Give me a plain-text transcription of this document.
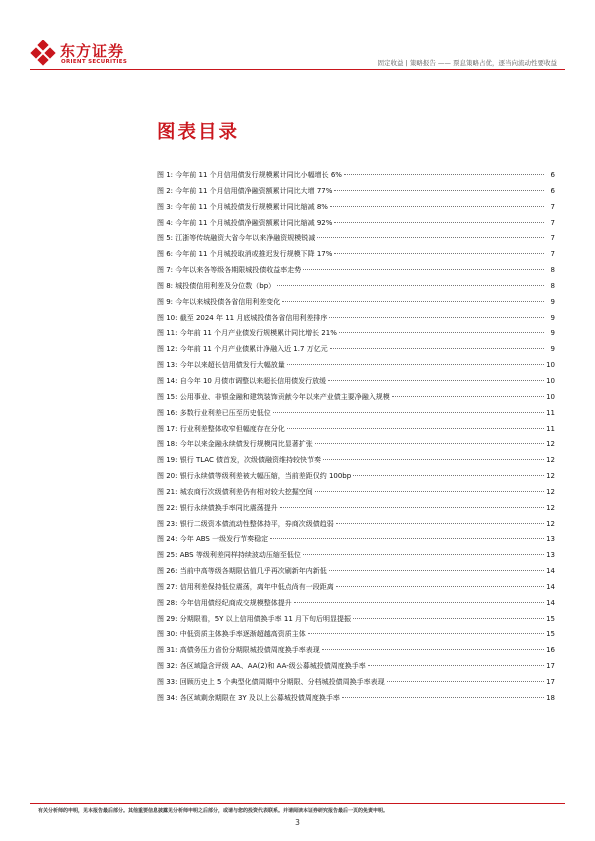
东方证券
ORIENT SECURITIES	固定收益 | 策略报告 —— 票息策略占优，逐当向流动性要收益
图表目录
图 1: 今年前 11 个月信用债发行规模累计同比小幅增长 6%	6
图 2: 今年前 11 个月信用债净融资额累计同比大增 77%	6
图 3: 今年前 11 个月城投债发行规模累计同比缩减 8%	7
图 4: 今年前 11 个月城投债净融资额累计同比缩减 92%	7
图 5: 江浙等传统融资大省今年以来净融资规模锐减	7
图 6: 今年前 11 个月城投取消或推迟发行规模下降 17%	7
图 7: 今年以来各等级各期限城投债收益率走势	8
图 8: 城投债信用利差及分位数（bp）	8
图 9: 今年以来城投债各省信用利差变化	9
图 10: 截至 2024 年 11 月底城投债各省信用利差排序	9
图 11: 今年前 11 个月产业债发行规模累计同比增长 21%	9
图 12: 今年前 11 个月产业债累计净融入近 1.7 万亿元	9
图 13: 今年以来超长信用债发行大幅放量	10
图 14: 自今年 10 月债市调整以来超长信用债发行放缓	10
图 15: 公用事业、非银金融和建筑装饰贡献今年以来产业债主要净融入规模	10
图 16: 多数行业利差已压至历史低位	11
图 17: 行业利差整体收窄但幅度存在分化	11
图 18: 今年以来金融永续债发行规模同比显著扩张	12
图 19: 银行 TLAC 债首发，次级债融资维持较快节奏	12
图 20: 银行永续债等级利差被大幅压缩，当前差距仅约 100bp	12
图 21: 城农商行次级债利差仍有相对较大挖掘空间	12
图 22: 银行永续债换手率同比震荡提升	12
图 23: 银行二级资本债流动性整体持平，券商次级债趋弱	12
图 24: 今年 ABS 一级发行节奏稳定	13
图 25: ABS 等级利差同样持续波动压缩至低位	13
图 26: 当前中高等级各期限估值几乎再次刷新年内新低	14
图 27: 信用利差保持低位震荡，离年中低点尚有一段距离	14
图 28: 今年信用债经纪商成交规模整体提升	14
图 29: 分期限看，5Y 以上信用债换手率 11 月下旬后明显提振	15
图 30: 中低资质主体换手率逐渐超越高资质主体	15
图 31: 高债务压力省份分期限城投债周度换手率表现	16
图 32: 各区域隐含评级 AA、AA(2)和 AA-级公募城投债周度换手率	17
图 33: 回顾历史上 5 个典型化债周期中分期限、分档城投债周换手率表现	17
图 34: 各区域剩余期限在 3Y 及以上公募城投债周度换手率	18
有关分析师的申明，见本报告最后部分。其他重要信息披露见分析师申明之后部分，或请与您的投资代表联系。并请阅读本证券研究报告最后一页的免责申明。
3
